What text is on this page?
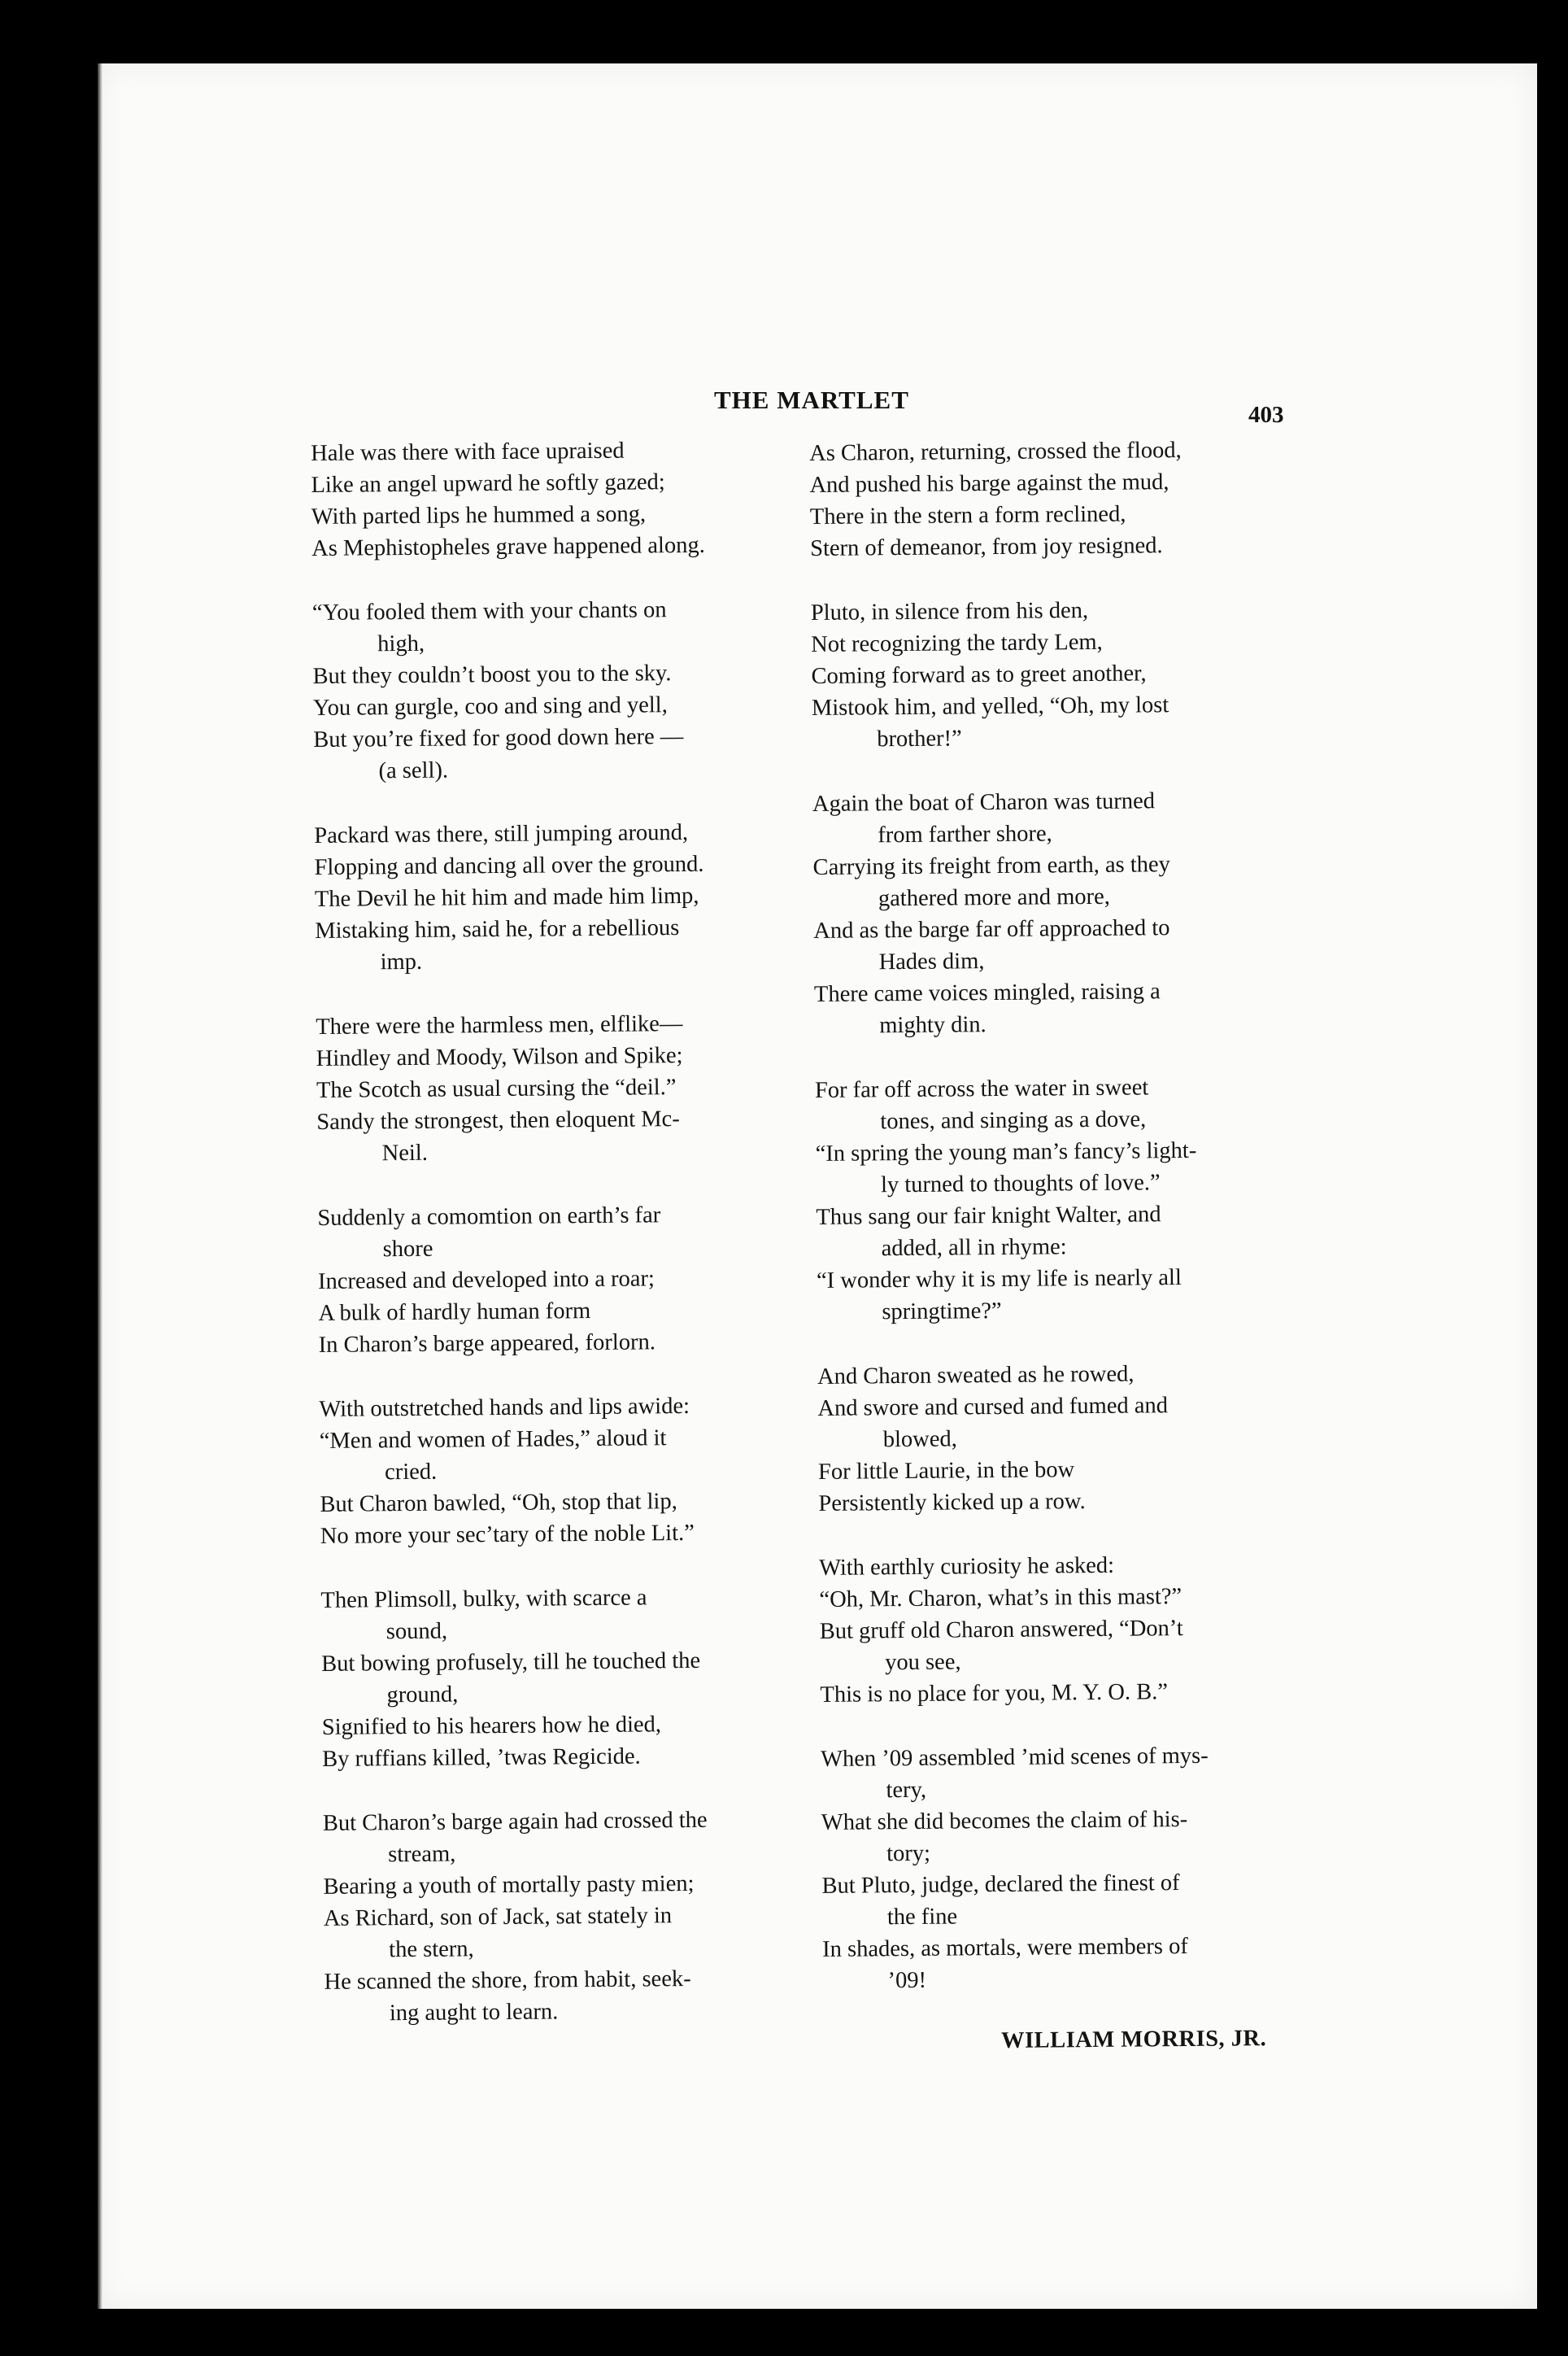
THE MARTLET
403
Hale was there with face upraised
Like an angel upward he softly gazed;
With parted lips he hummed a song,
As Mephistopheles grave happened along.
“You fooled them with your chants on
high,
But they couldn’t boost you to the sky.
You can gurgle, coo and sing and yell,
But you’re fixed for good down here —
(a sell).
Packard was there, still jumping around,
Flopping and dancing all over the ground.
The Devil he hit him and made him limp,
Mistaking him, said he, for a rebellious
imp.
There were the harmless men, elflike—
Hindley and Moody, Wilson and Spike;
The Scotch as usual cursing the “deil.”
Sandy the strongest, then eloquent Mc-
Neil.
Suddenly a comomtion on earth’s far
shore
Increased and developed into a roar;
A bulk of hardly human form
In Charon’s barge appeared, forlorn.
With outstretched hands and lips awide:
“Men and women of Hades,” aloud it
cried.
But Charon bawled, “Oh, stop that lip,
No more your sec’tary of the noble Lit.”
Then Plimsoll, bulky, with scarce a
sound,
But bowing profusely, till he touched the
ground,
Signified to his hearers how he died,
By ruffians killed, ’twas Regicide.
But Charon’s barge again had crossed the
stream,
Bearing a youth of mortally pasty mien;
As Richard, son of Jack, sat stately in
the stern,
He scanned the shore, from habit, seek-
ing aught to learn.
As Charon, returning, crossed the flood,
And pushed his barge against the mud,
There in the stern a form reclined,
Stern of demeanor, from joy resigned.
Pluto, in silence from his den,
Not recognizing the tardy Lem,
Coming forward as to greet another,
Mistook him, and yelled, “Oh, my lost
brother!”
Again the boat of Charon was turned
from farther shore,
Carrying its freight from earth, as they
gathered more and more,
And as the barge far off approached to
Hades dim,
There came voices mingled, raising a
mighty din.
For far off across the water in sweet
tones, and singing as a dove,
“In spring the young man’s fancy’s light-
ly turned to thoughts of love.”
Thus sang our fair knight Walter, and
added, all in rhyme:
“I wonder why it is my life is nearly all
springtime?”
And Charon sweated as he rowed,
And swore and cursed and fumed and
blowed,
For little Laurie, in the bow
Persistently kicked up a row.
With earthly curiosity he asked:
“Oh, Mr. Charon, what’s in this mast?”
But gruff old Charon answered, “Don’t
you see,
This is no place for you, M. Y. O. B.”
When ’09 assembled ’mid scenes of mys-
tery,
What she did becomes the claim of his-
tory;
But Pluto, judge, declared the finest of
the fine
In shades, as mortals, were members of
’09!
WILLIAM MORRIS, JR.
